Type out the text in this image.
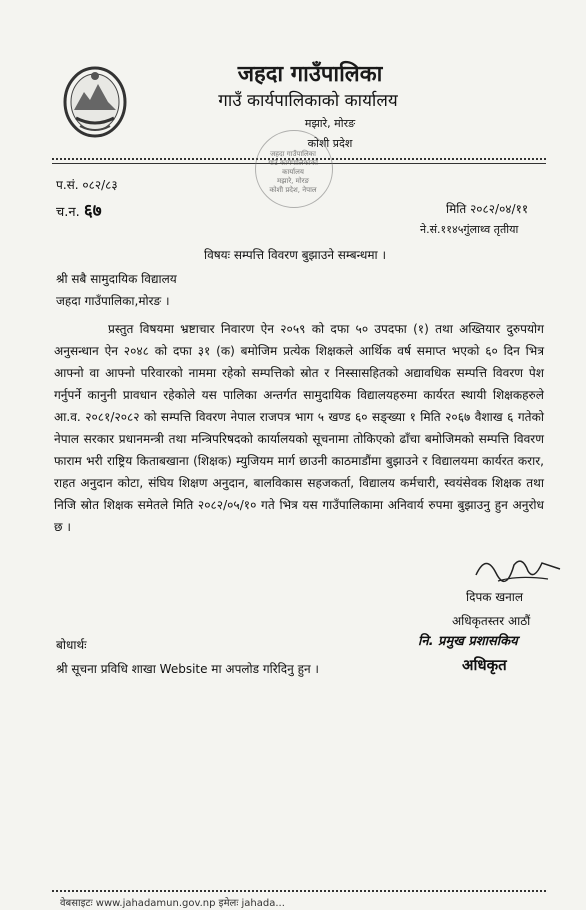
जहदा गाउँपालिका
गाउँ कार्यपालिकाको कार्यालय
मझारे, मोरङ
कोशी प्रदेश
जहदा गाउँपालिका
गाउँ कार्यपालिकाको
कार्यालय
मझारे, मोरङ
कोशी प्रदेश, नेपाल
प.सं. ०८२/८३
च.न. ६७	मिति २०८२/०४/११
ने.सं.११४५गुंलाथ्व तृतीया
विषयः सम्पत्ति विवरण बुझाउने सम्बन्धमा ।
श्री सबै सामुदायिक विद्यालय
जहदा गाउँपालिका,मोरङ ।
प्रस्तुत विषयमा भ्रष्टाचार निवारण ऐन २०५९ को दफा ५० उपदफा (१) तथा अख्तियार दुरुपयोग अनुसन्धान ऐन २०४८ को दफा ३१ (क) बमोजिम प्रत्येक शिक्षकले आर्थिक वर्ष समाप्त भएको ६० दिन भित्र आफ्नो वा आफ्नो परिवारको नाममा रहेको सम्पत्तिको स्रोत र निस्सासहितको अद्यावधिक सम्पत्ति विवरण पेश गर्नुपर्ने कानुनी प्रावधान रहेकोले यस पालिका अन्तर्गत सामुदायिक विद्यालयहरुमा कार्यरत स्थायी शिक्षकहरुले आ.व. २०८१/२०८२ को सम्पत्ति विवरण नेपाल राजपत्र भाग ५ खण्ड ६० सङ्ख्या १ मिति २०६७ वैशाख ६ गतेको नेपाल सरकार प्रधानमन्त्री तथा मन्त्रिपरिषदको कार्यालयको सूचनामा तोकिएको ढाँचा बमोजिमको सम्पत्ति विवरण फाराम भरी राष्ट्रिय किताबखाना (शिक्षक) म्युजियम मार्ग छाउनी काठमाडौंमा बुझाउने र विद्यालयमा कार्यरत करार, राहत अनुदान कोटा, संघिय शिक्षण अनुदान, बालविकास सहजकर्ता, विद्यालय कर्मचारी, स्वयंसेवक शिक्षक तथा निजि स्रोत शिक्षक समेतले मिति २०८२/०५/१० गते भित्र यस गाउँपालिकामा अनिवार्य रुपमा बुझाउनु हुन अनुरोध छ ।
दिपक खनाल
अधिकृतस्तर आठौं
नि. प्रमुख प्रशासकिय
अधिकृत
बोधार्थः
श्री सूचना प्रविधि शाखा Website मा अपलोड गरिदिनु हुन ।
वेबसाइटः www.jahadamun.gov.np इमेलः jahada...
